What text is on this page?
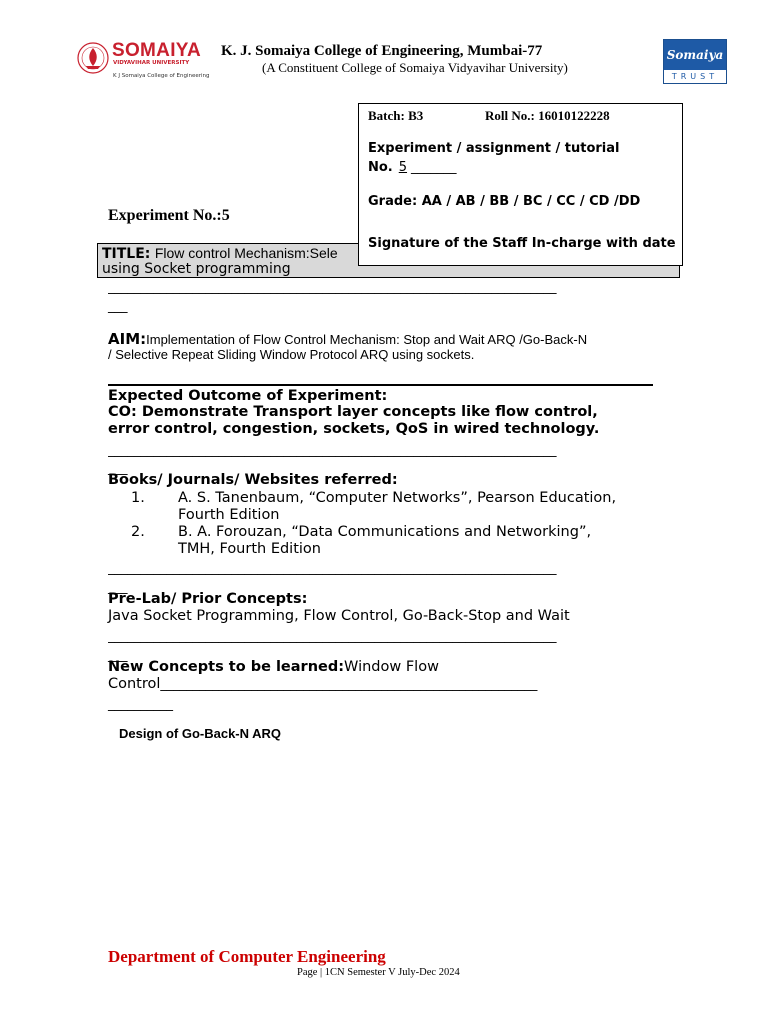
SOMAIYA
VIDYAVIHAR UNIVERSITY
K J Somaiya College of Engineering
K. J. Somaiya College of Engineering, Mumbai-77
(A Constituent College of Somaiya Vidyavihar University)
Somaiya
TRUST
TITLE: Flow control Mechanism:Sele
using Socket programming
Batch: B3	Roll No.: 16010122228
Experiment / assignment / tutorial
No. 5 _______
Grade: AA / AB / BB / BC / CC / CD /DD
Signature of the Staff In-charge with date
Experiment No.:5
_____________________________________________________________________
___
AIM:Implementation of Flow Control Mechanism: Stop and Wait ARQ /Go-Back-N
/ Selective Repeat Sliding Window Protocol ARQ using sockets.
Expected Outcome of Experiment:
CO: Demonstrate Transport layer concepts like flow control,
error control, congestion, sockets, QoS in wired technology.
_____________________________________________________________________
___
Books/ Journals/ Websites referred:
1. A. S. Tanenbaum, “Computer Networks”, Pearson Education,
Fourth Edition
2. B. A. Forouzan, “Data Communications and Networking”,
TMH, Fourth Edition
_____________________________________________________________________
___
Pre-Lab/ Prior Concepts:
Java Socket Programming, Flow Control, Go-Back-Stop and Wait
_____________________________________________________________________
___
New Concepts to be learned:Window Flow
Control__________________________________________________________
__________
Design of Go-Back-N ARQ
Department of Computer Engineering
Page | 1CN Semester V July-Dec 2024
